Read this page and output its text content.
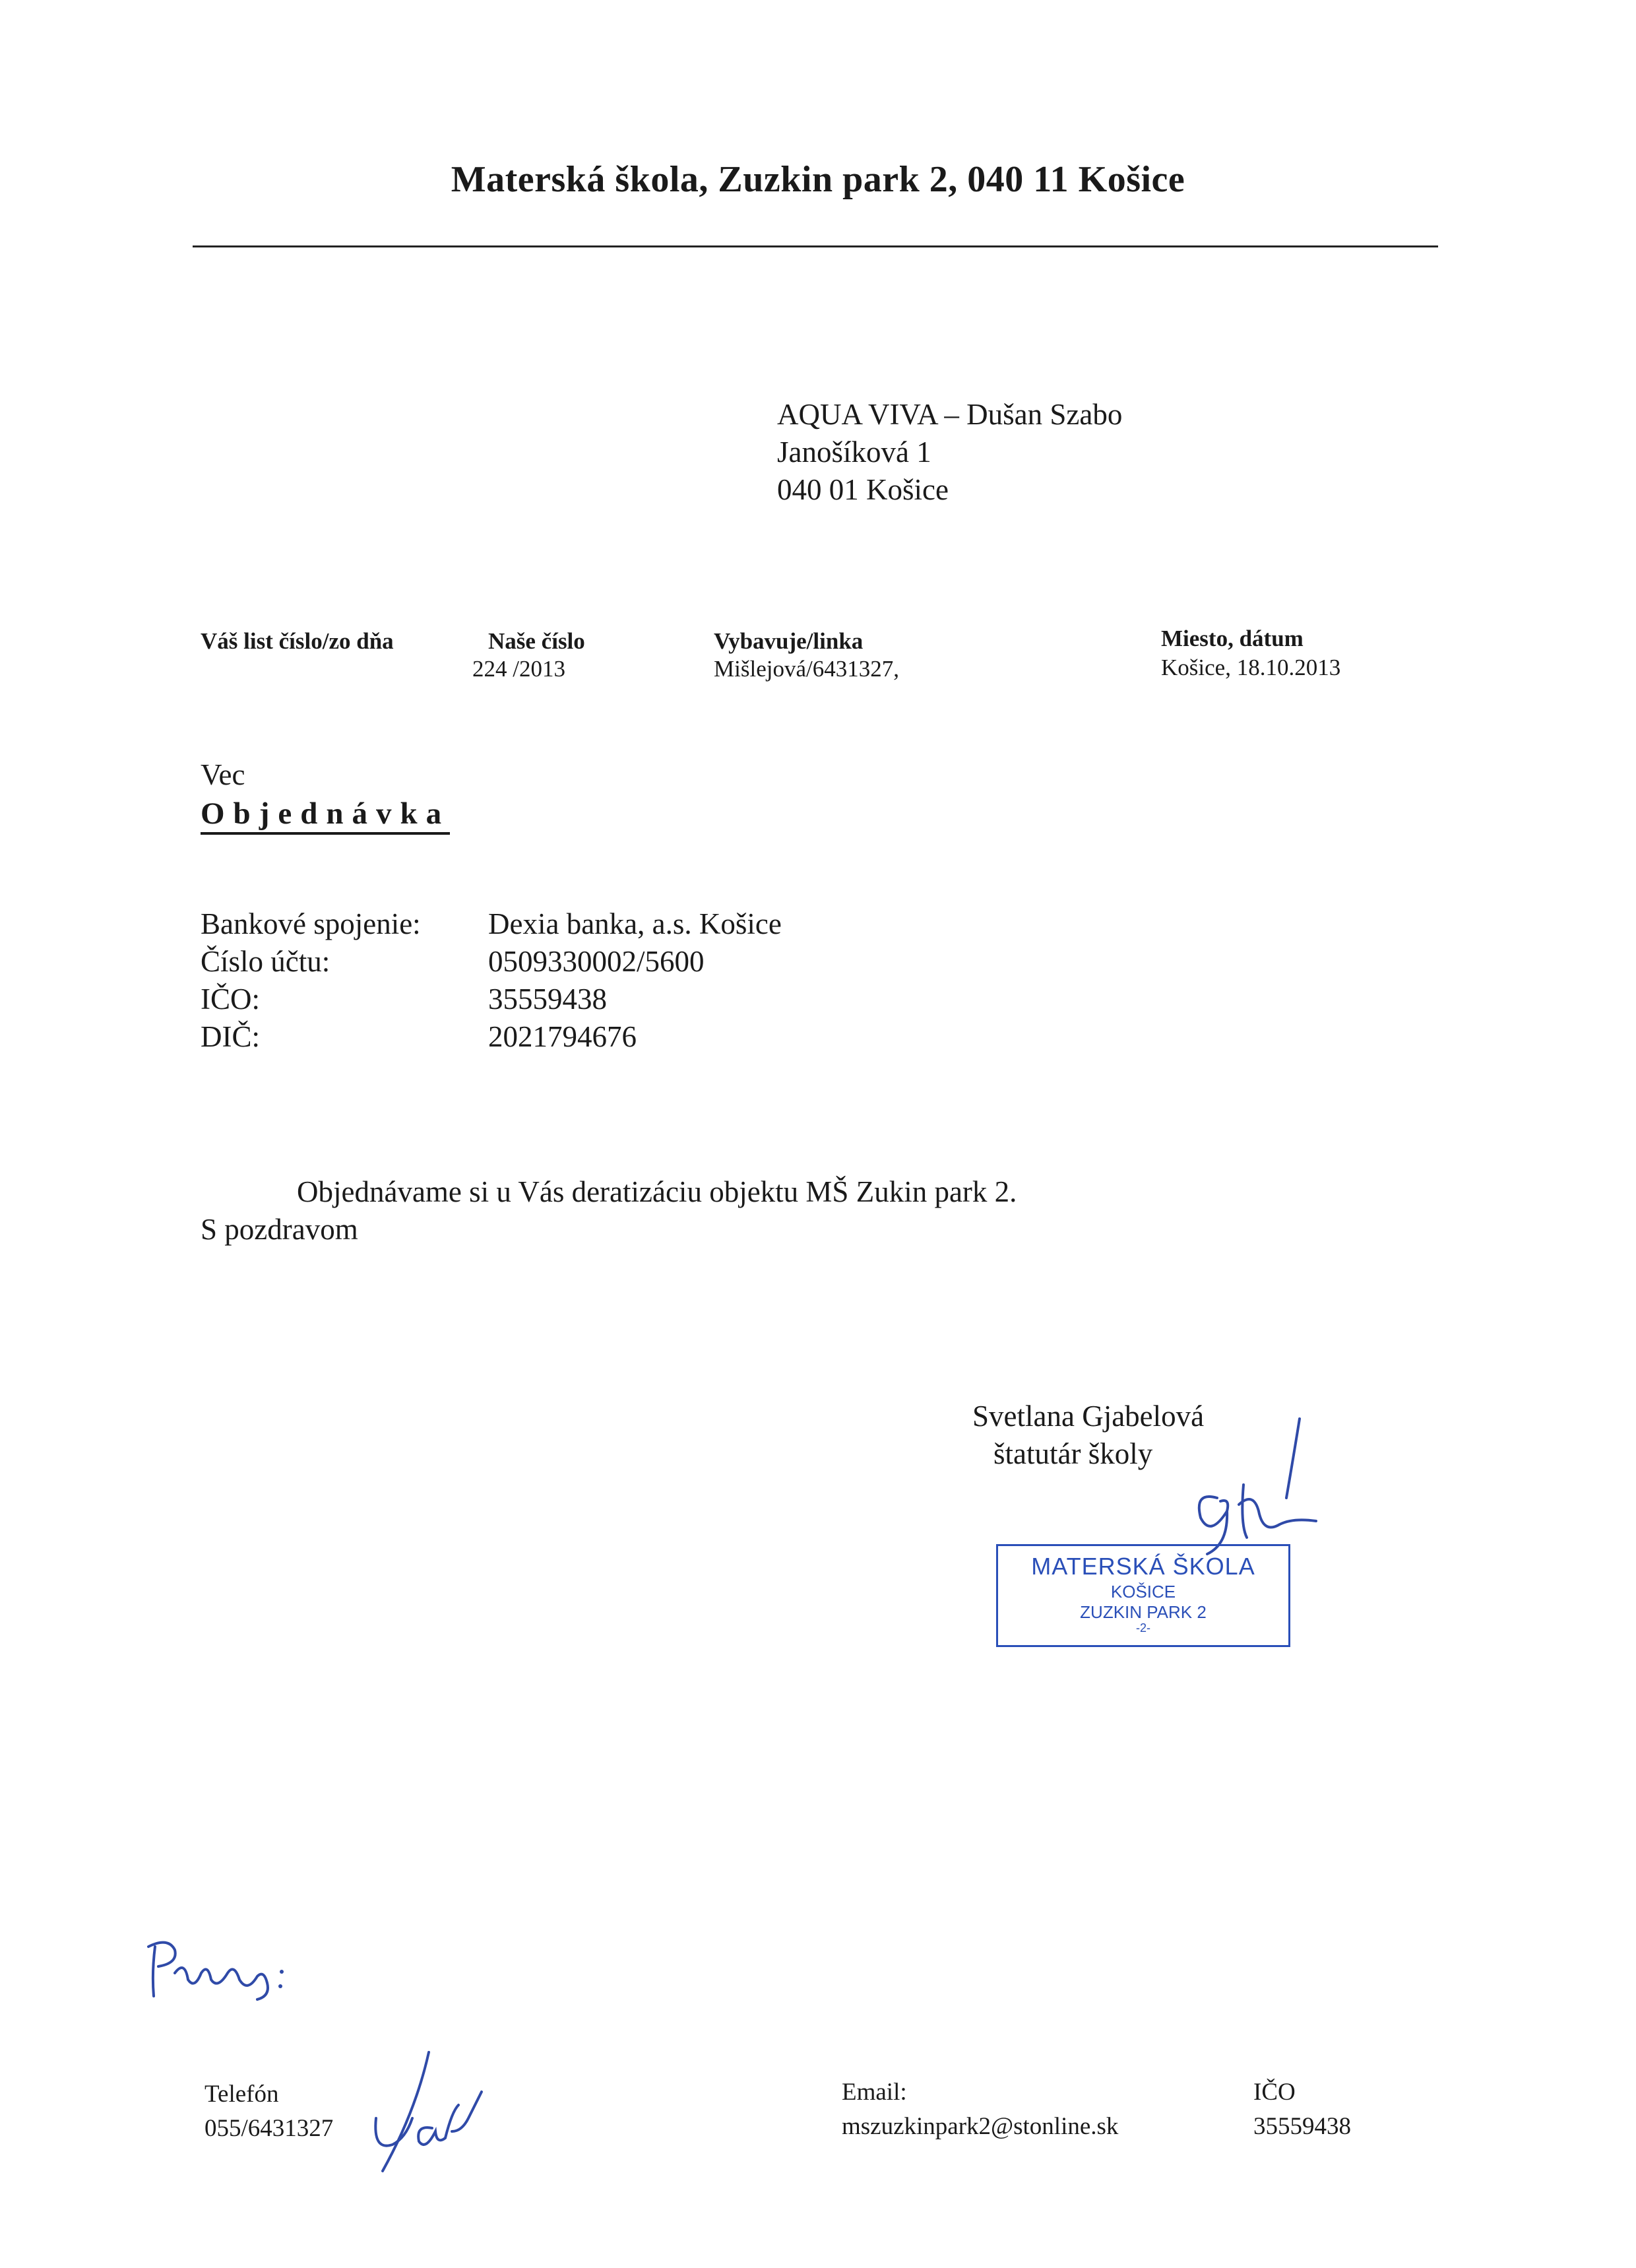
Materská škola, Zuzkin park 2, 040 11 Košice
AQUA VIVA – Dušan Szabo
Janošíková 1
040 01 Košice
Váš list číslo/zo dňa	Naše číslo
224 /2013
Vybavuje/linka
Mišlejová/6431327,
Miesto, dátum
Košice, 18.10.2013
Vec
Objednávka
Bankové spojenie:
Číslo účtu:
IČO:
DIČ:
Dexia banka, a.s. Košice
0509330002/5600
35559438
2021794676
Objednávame si u Vás deratizáciu objektu MŠ Zukin park 2.
S pozdravom
Svetlana Gjabelová
štatutár školy
MATERSKÁ ŠKOLA
KOŠICE
ZUZKIN PARK 2
-2-
Telefón
055/6431327
Email:
mszuzkinpark2@stonline.sk
IČO
35559438
